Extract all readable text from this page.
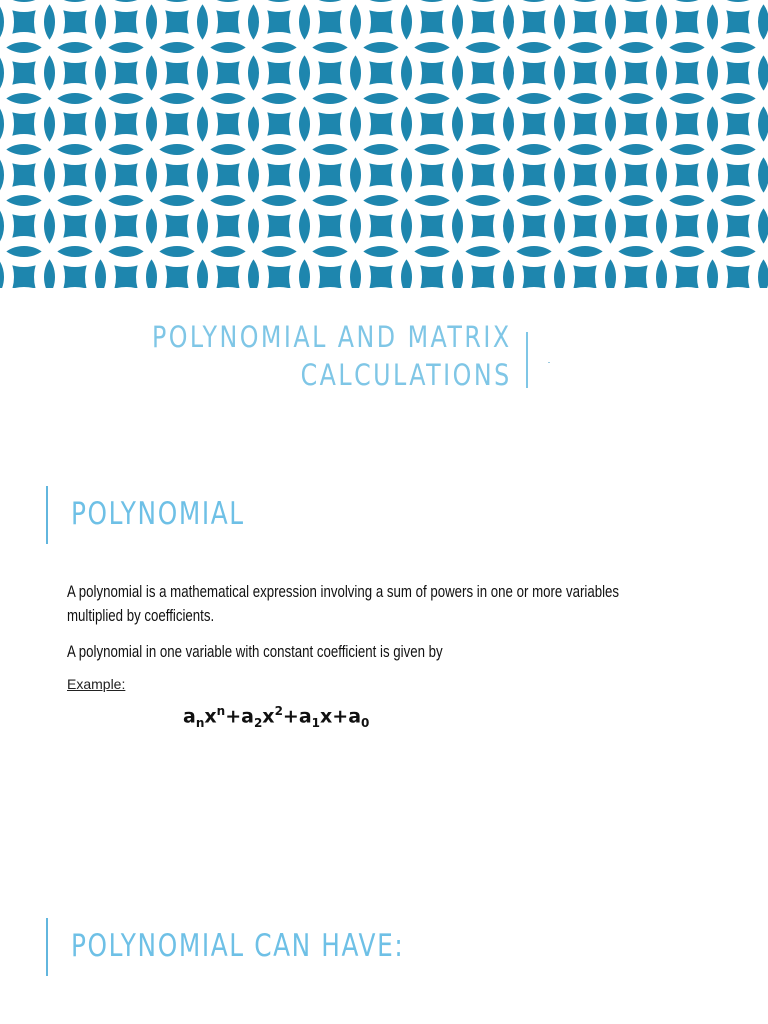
POLYNOMIAL AND MATRIX
CALCULATIONS
POLYNOMIAL
A polynomial is a mathematical expression involving a sum of powers in one or more variables multiplied by coefficients.
A polynomial in one variable with constant coefficient is given by
Example:
$a_nx^n+a_2x^2+a_1x+a_0$
POLYNOMIAL CAN HAVE:
